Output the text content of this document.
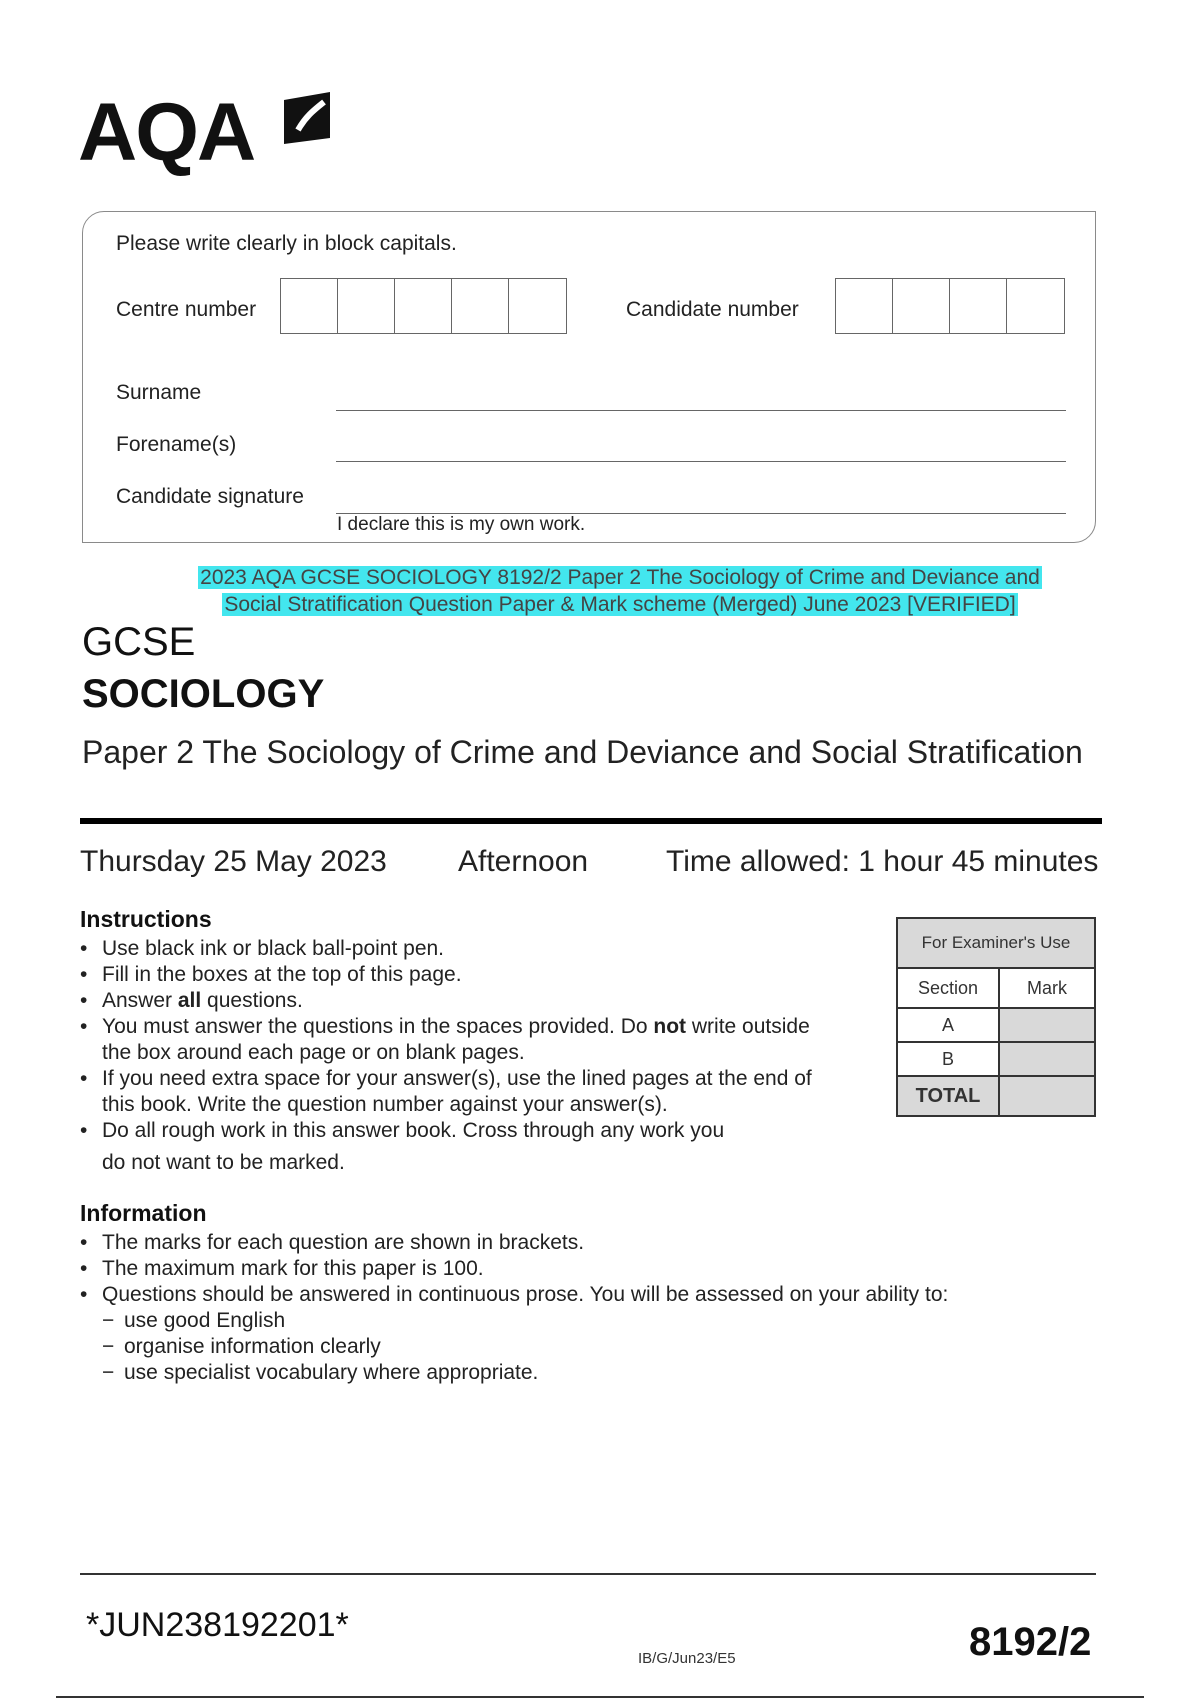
AQA
Please write clearly in block capitals.
Centre number	Candidate number
Surname
Forename(s)
Candidate signature
I declare this is my own work.
2023 AQA GCSE SOCIOLOGY 8192/2 Paper 2 The Sociology of Crime and Deviance and
Social Stratification Question Paper & Mark scheme (Merged) June 2023 [VERIFIED]
GCSE
SOCIOLOGY
Paper 2 The Sociology of Crime and Deviance and Social Stratification
Thursday 25 May 2023 Afternoon	Time allowed: 1 hour 45 minutes
Instructions
• Use black ink or black ball-point pen.
• Fill in the boxes at the top of this page.
• Answer all questions.
• You must answer the questions in the spaces provided. Do not write outside
the box around each page or on blank pages.
• If you need extra space for your answer(s), use the lined pages at the end of
this book. Write the question number against your answer(s).
• Do all rough work in this answer book. Cross through any work you
do not want to be marked.
For Examiner's Use	
Section	Mark
A	
B	
TOTAL	
Information
• The marks for each question are shown in brackets.
• The maximum mark for this paper is 100.
• Questions should be answered in continuous prose. You will be assessed on your ability to:
− use good English
− organise information clearly
− use specialist vocabulary where appropriate.
*JUN238192201*
IB/G/Jun23/E5	8192/2
